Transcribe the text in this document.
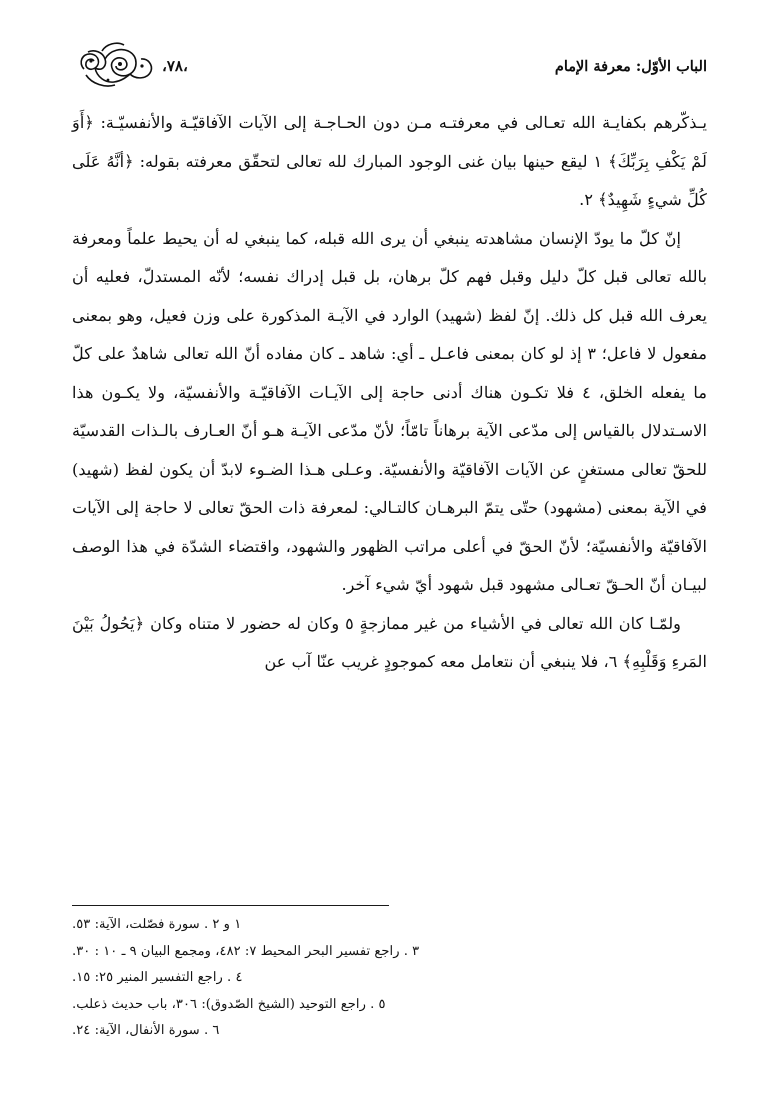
الباب الأوّل: معرفة الإمام
،٧٨،

يـذكّرهم بكفايـة الله تعـالى في معرفتـه مـن دون الحـاجـة إلى الآيات الآفاقيّـة والأنفسيّـة: ﴿أَوَ لَمْ يَكْفِ بِرَبِّكَ﴾ ١ ليقع حينها بيان غنى الوجود المبارك لله تعالى لتحقّق معرفته بقوله: ﴿أنَّهُ عَلَى كُلِّ شيءٍ شَهِيدٌ﴾ ٢.

إنّ كلّ ما يودّ الإنسان مشاهدته ينبغي أن يرى الله قبله، كما ينبغي له أن يحيط علماً ومعرفة بالله تعالى قبل كلّ دليل وقبل فهم كلّ برهان، بل قبل إدراك نفسه؛ لأنّه المستدلّ، فعليه أن يعرف الله قبل كل ذلك. إنّ لفظ (شهيد) الوارد في الآيـة المذكورة على وزن فعيل، وهو بمعنى مفعول لا فاعل؛ ٣ إذ لو كان بمعنى فاعـل ـ أي: شاهد ـ كان مفاده أنّ الله تعالى شاهدٌ على كلّ ما يفعله الخلق، ٤ فلا تكـون هناك أدنى حاجة إلى الآيـات الآفاقيّـة والأنفسيّة، ولا يكـون هذا الاسـتدلال بالقياس إلى مدّعى الآية برهاناً تامّاً؛ لأنّ مدّعى الآيـة هـو أنّ العـارف بالـذات القدسيّة للحقّ تعالى مستغنٍ عن الآيات الآفاقيّة والأنفسيّة. وعـلى هـذا الضـوء لابدّ أن يكون لفظ (شهيد) في الآية بمعنى (مشهود) حتّى يتمّ البرهـان كالتـالي: لمعرفة ذات الحقّ تعالى لا حاجة إلى الآيات الآفاقيّة والأنفسيّة؛ لأنّ الحقّ في أعلى مراتب الظهور والشهود، واقتضاء الشدّة في هذا الوصف لبيـان أنّ الحـقّ تعـالى مشهود قبل شهود أيّ شيء آخر.

ولمّـا كان الله تعالى في الأشياء من غير ممازجةٍ ٥ وكان له حضور لا متناه وكان ﴿يَحُولُ بَيْنَ المَرءِ وَقَلْبِهِ﴾ ٦، فلا ينبغي أن نتعامل معه كموجودٍ غريب عنّا آب عن

١ و ٢ . سورة فصّلت، الآية: ٥٣.
٣ . راجع تفسير البحر المحيط ٧: ٤٨٢، ومجمع البيان ٩ ـ ١٠ : ٣٠.
٤ . راجع التفسير المنير ٢٥: ١٥.
٥ . راجع التوحيد (الشيخ الصّدوق): ٣٠٦، باب حديث ذعلب.
٦ . سورة الأنفال، الآية: ٢٤.
